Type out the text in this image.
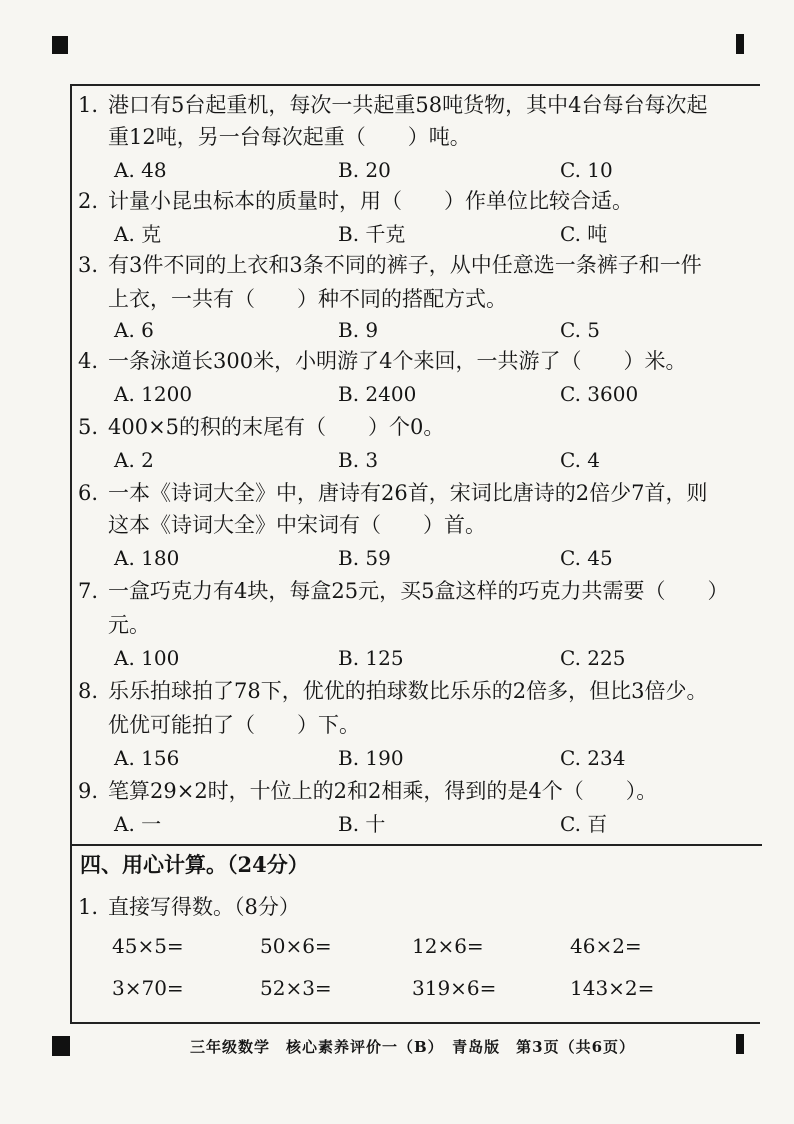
1. 港口有5台起重机，每次一共起重58吨货物，其中4台每台每次起
重12吨，另一台每次起重（　　）吨。
A. 48	B. 20	C. 10
2. 计量小昆虫标本的质量时，用（　　）作单位比较合适。
A. 克	B. 千克	C. 吨
3. 有3件不同的上衣和3条不同的裤子，从中任意选一条裤子和一件
上衣，一共有（　　）种不同的搭配方式。
A. 6	B. 9	C. 5
4. 一条泳道长300米，小明游了4个来回，一共游了（　　）米。
A. 1200	B. 2400	C. 3600
5. 400×5的积的末尾有（　　）个0。
A. 2	B. 3	C. 4
6. 一本《诗词大全》中，唐诗有26首，宋词比唐诗的2倍少7首，则
这本《诗词大全》中宋词有（　　）首。
A. 180	B. 59	C. 45
7. 一盒巧克力有4块，每盒25元，买5盒这样的巧克力共需要（　　）
元。
A. 100	B. 125	C. 225
8. 乐乐拍球拍了78下，优优的拍球数比乐乐的2倍多，但比3倍少。
优优可能拍了（　　）下。
A. 156	B. 190	C. 234
9. 笔算29×2时，十位上的2和2相乘，得到的是4个（　　）。
A. 一	B. 十	C. 百
四、用心计算。（24分）
1. 直接写得数。（8分）
45×5=	50×6=	12×6=	46×2=
3×70=	52×3=	319×6=	143×2=
三年级数学　核心素养评价一（B）　青岛版　第3页（共6页）
